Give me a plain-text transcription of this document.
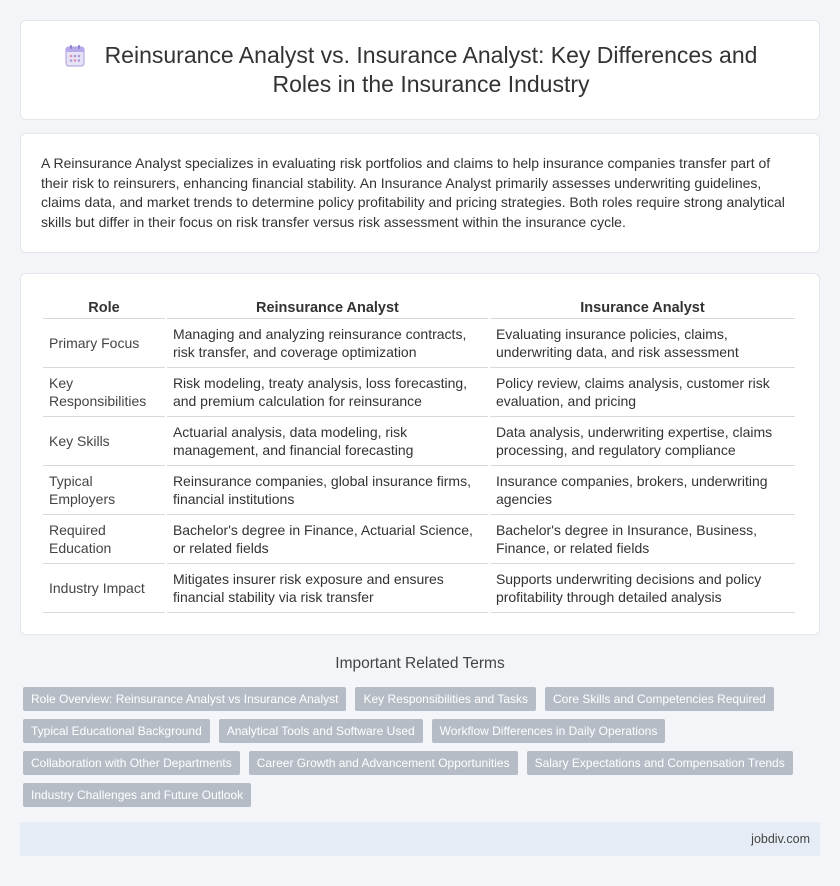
Reinsurance Analyst vs. Insurance Analyst: Key Differences and Roles in the Insurance Industry

A Reinsurance Analyst specializes in evaluating risk portfolios and claims to help insurance companies transfer part of their risk to reinsurers, enhancing financial stability. An Insurance Analyst primarily assesses underwriting guidelines, claims data, and market trends to determine policy profitability and pricing strategies. Both roles require strong analytical skills but differ in their focus on risk transfer versus risk assessment within the insurance cycle.

Role	Reinsurance Analyst	Insurance Analyst
Primary Focus	Managing and analyzing reinsurance contracts, risk transfer, and coverage optimization	Evaluating insurance policies, claims, underwriting data, and risk assessment
Key Responsibilities	Risk modeling, treaty analysis, loss forecasting, and premium calculation for reinsurance	Policy review, claims analysis, customer risk evaluation, and pricing
Key Skills	Actuarial analysis, data modeling, risk management, and financial forecasting	Data analysis, underwriting expertise, claims processing, and regulatory compliance
Typical Employers	Reinsurance companies, global insurance firms, financial institutions	Insurance companies, brokers, underwriting agencies
Required Education	Bachelor's degree in Finance, Actuarial Science, or related fields	Bachelor's degree in Insurance, Business, Finance, or related fields
Industry Impact	Mitigates insurer risk exposure and ensures financial stability via risk transfer	Supports underwriting decisions and policy profitability through detailed analysis
Important Related Terms
Role Overview: Reinsurance Analyst vs Insurance Analyst	Key Responsibilities and Tasks	Core Skills and Competencies Required
Typical Educational Background	Analytical Tools and Software Used	Workflow Differences in Daily Operations
Collaboration with Other Departments	Career Growth and Advancement Opportunities	Salary Expectations and Compensation Trends
Industry Challenges and Future Outlook
jobdiv.com
